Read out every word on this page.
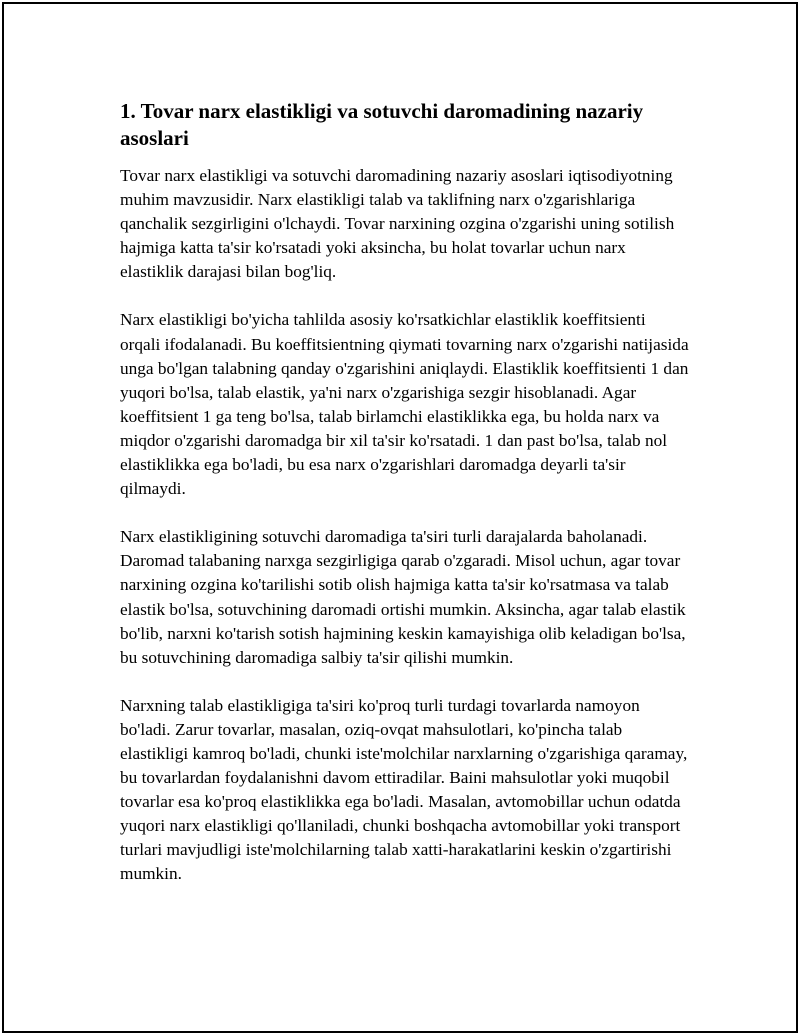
1. Tovar narx elastikligi va sotuvchi daromadining nazariy asoslari

Tovar narx elastikligi va sotuvchi daromadining nazariy asoslari iqtisodiyotning muhim mavzusidir. Narx elastikligi talab va taklifning narx o'zgarishlariga qanchalik sezgirligini o'lchaydi. Tovar narxining ozgina o'zgarishi uning sotilish hajmiga katta ta'sir ko'rsatadi yoki aksincha, bu holat tovarlar uchun narx elastiklik darajasi bilan bog'liq.

Narx elastikligi bo'yicha tahlilda asosiy ko'rsatkichlar elastiklik koeffitsienti orqali ifodalanadi. Bu koeffitsientning qiymati tovarning narx o'zgarishi natijasida unga bo'lgan talabning qanday o'zgarishini aniqlaydi. Elastiklik koeffitsienti 1 dan yuqori bo'lsa, talab elastik, ya'ni narx o'zgarishiga sezgir hisoblanadi. Agar koeffitsient 1 ga teng bo'lsa, talab birlamchi elastiklikka ega, bu holda narx va miqdor o'zgarishi daromadga bir xil ta'sir ko'rsatadi. 1 dan past bo'lsa, talab nol elastiklikka ega bo'ladi, bu esa narx o'zgarishlari daromadga deyarli ta'sir qilmaydi.

Narx elastikligining sotuvchi daromadiga ta'siri turli darajalarda baholanadi. Daromad talabaning narxga sezgirligiga qarab o'zgaradi. Misol uchun, agar tovar narxining ozgina ko'tarilishi sotib olish hajmiga katta ta'sir ko'rsatmasa va talab elastik bo'lsa, sotuvchining daromadi ortishi mumkin. Aksincha, agar talab elastik bo'lib, narxni ko'tarish sotish hajmining keskin kamayishiga olib keladigan bo'lsa, bu sotuvchining daromadiga salbiy ta'sir qilishi mumkin.

Narxning talab elastikligiga ta'siri ko'proq turli turdagi tovarlarda namoyon bo'ladi. Zarur tovarlar, masalan, oziq-ovqat mahsulotlari, ko'pincha talab elastikligi kamroq bo'ladi, chunki iste'molchilar narxlarning o'zgarishiga qaramay, bu tovarlardan foydalanishni davom ettiradilar. Baini mahsulotlar yoki muqobil tovarlar esa ko'proq elastiklikka ega bo'ladi. Masalan, avtomobillar uchun odatda yuqori narx elastikligi qo'llaniladi, chunki boshqacha avtomobillar yoki transport turlari mavjudligi iste'molchilarning talab xatti-harakatlarini keskin o'zgartirishi mumkin.
